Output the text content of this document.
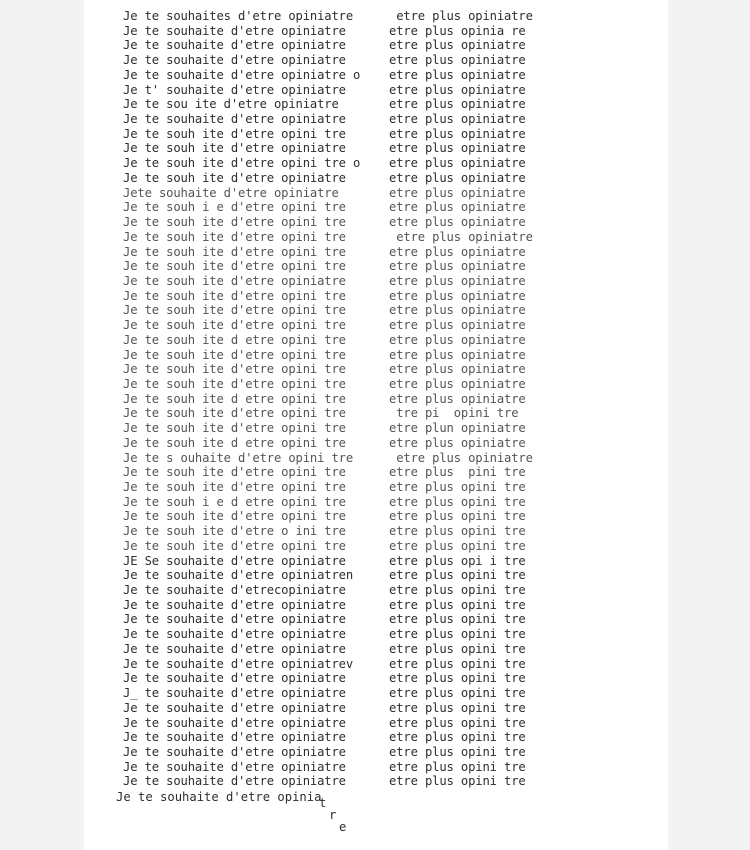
Je te souhaites d'etre opiniatre	etre plus opiniatre
Je te souhaite d'etre opiniatre	etre plus opinia re
Je te souhaite d'etre opiniatre	etre plus opiniatre
Je te souhaite d'etre opiniatre	etre plus opiniatre
Je te souhaite d'etre opiniatre o	etre plus opiniatre
Je t' souhaite d'etre opiniatre	etre plus opiniatre
Je te sou ite d'etre opiniatre	etre plus opiniatre
Je te souhaite d'etre opiniatre	etre plus opiniatre
Je te souh ite d'etre opini tre	etre plus opiniatre
Je te souh ite d'etre opiniatre	etre plus opiniatre
Je te souh ite d'etre opini tre o	etre plus opiniatre
Je te souh ite d'etre opiniatre	etre plus opiniatre
Jete souhaite d'etre opiniatre	etre plus opiniatre
Je te souh i e d'etre opini tre	etre plus opiniatre
Je te souh ite d'etre opini tre	etre plus opiniatre
Je te souh ite d'etre opini tre	etre plus opiniatre
Je te souh ite d'etre opini tre	etre plus opiniatre
Je te souh ite d'etre opini tre	etre plus opiniatre
Je te souh ite d'etre opiniatre	etre plus opiniatre
Je te souh ite d'etre opini tre	etre plus opiniatre
Je te souh ite d'etre opini tre	etre plus opiniatre
Je te souh ite d'etre opini tre	etre plus opiniatre
Je te souh ite d etre opini tre	etre plus opiniatre
Je te souh ite d'etre opini tre	etre plus opiniatre
Je te souh ite d'etre opini tre	etre plus opiniatre
Je te souh ite d'etre opini tre	etre plus opiniatre
Je te souh ite d etre opini tre	etre plus opiniatre
Je te souh ite d'etre opini tre	tre pi  opini tre
Je te souh ite d'etre opini tre	etre plun opiniatre
Je te souh ite d etre opini tre	etre plus opiniatre
Je te s ouhaite d'etre opini tre	etre plus opiniatre
Je te souh ite d'etre opini tre	etre plus  pini tre
Je te souh ite d'etre opini tre	etre plus opini tre
Je te souh i e d etre opini tre	etre plus opini tre
Je te souh ite d'etre opini tre	etre plus opini tre
Je te souh ite d'etre o ini tre	etre plus opini tre
Je te souh ite d'etre opini tre	etre plus opini tre
JE Se souhaite d'etre opiniatre	etre plus opi i tre
Je te souhaite d'etre opiniatren	etre plus opini tre
Je te souhaite d'etrecopiniatre	etre plus opini tre
Je te souhaite d'etre opiniatre	etre plus opini tre
Je te souhaite d'etre opiniatre	etre plus opini tre
Je te souhaite d'etre opiniatre	etre plus opini tre
Je te souhaite d'etre opiniatre	etre plus opini tre
Je te souhaite d'etre opiniatrev	etre plus opini tre
Je te souhaite d'etre opiniatre	etre plus opini tre
J_ te souhaite d'etre opiniatre	etre plus opini tre
Je te souhaite d'etre opiniatre	etre plus opini tre
Je te souhaite d'etre opiniatre	etre plus opini tre
Je te souhaite d'etre opiniatre	etre plus opini tre
Je te souhaite d'etre opiniatre	etre plus opini tre
Je te souhaite d'etre opiniatre	etre plus opini tre
Je te souhaite d'etre opiniatre	etre plus opini tre
Je te souhaite d'etre opinia
t
r
e
